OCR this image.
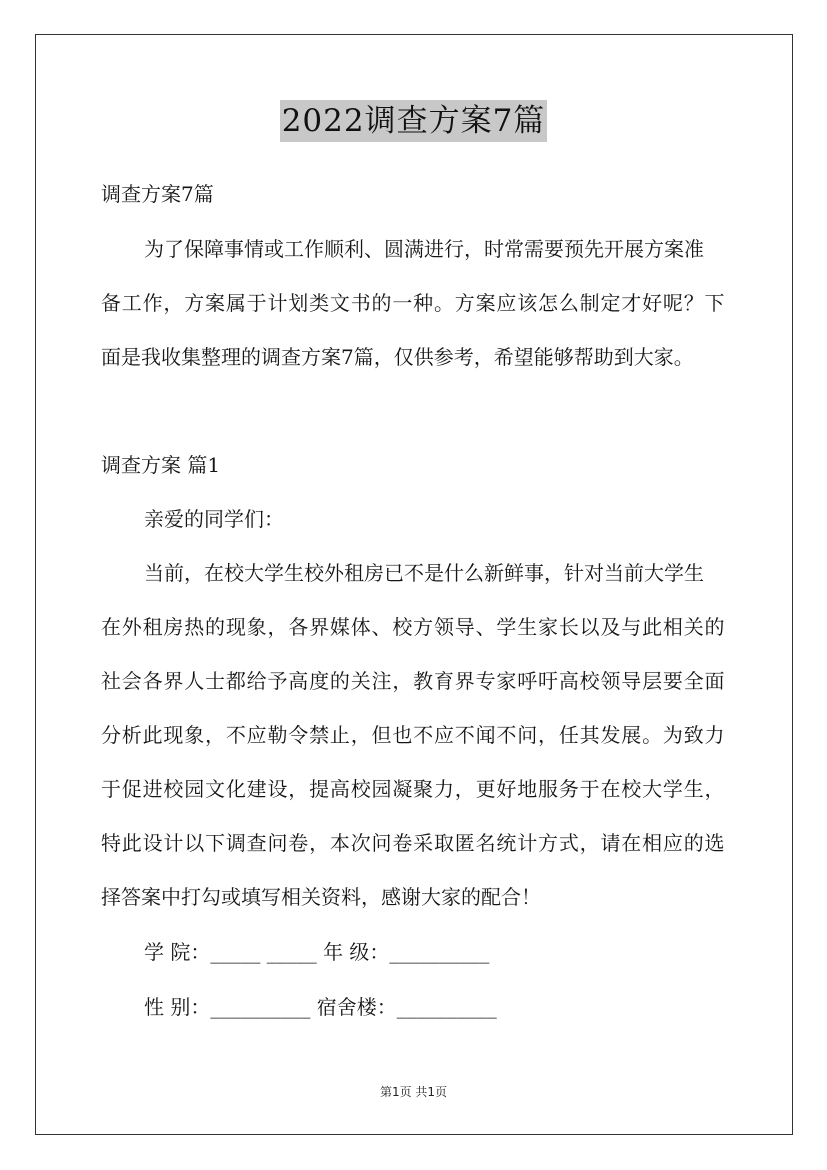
2022调查方案7篇
调查方案7篇
为了保障事情或工作顺利、圆满进行，时常需要预先开展方案准
备工作，方案属于计划类文书的一种。方案应该怎么制定才好呢？下
面是我收集整理的调查方案7篇，仅供参考，希望能够帮助到大家。
调查方案 篇1
亲爱的同学们：
当前，在校大学生校外租房已不是什么新鲜事，针对当前大学生
在外租房热的现象，各界媒体、校方领导、学生家长以及与此相关的
社会各界人士都给予高度的关注，教育界专家呼吁高校领导层要全面
分析此现象，不应勒令禁止，但也不应不闻不问，任其发展。为致力
于促进校园文化建设，提高校园凝聚力，更好地服务于在校大学生，
特此设计以下调查问卷，本次问卷采取匿名统计方式，请在相应的选
择答案中打勾或填写相关资料，感谢大家的配合！
学 院：_____ _____ 年 级：__________
性 别：__________ 宿舍楼：__________
第1页 共1页
